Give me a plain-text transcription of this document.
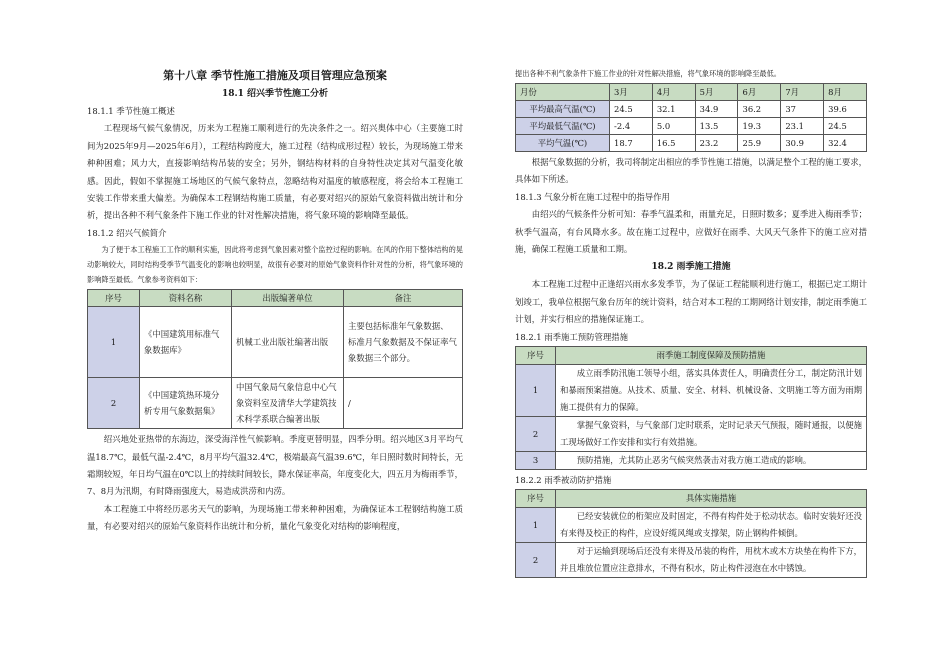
第十八章 季节性施工措施及项目管理应急预案
18.1 绍兴季节性施工分析

18.1.1 季节性施工概述

工程现场气候气象情况，历来为工程施工顺利进行的先决条件之一。绍兴奥体中心（主要施工时间为2025年9月—2025年6月），工程结构跨度大，施工过程（结构成形过程）较长，为现场施工带来种种困难；风力大，直接影响结构吊装的安全；另外，钢结构材料的自身特性决定其对气温变化敏感。因此，假如不掌握施工场地区的气候气象特点，忽略结构对温度的敏感程度，将会给本工程施工安装工作带来重大偏差。为确保本工程钢结构施工质量，有必要对绍兴的原始气象资料做出统计和分析，提出各种不利气象条件下施工作业的针对性解决措施，将气象环境的影响降至最低。

18.1.2 绍兴气候简介

为了便于本工程施工工作的顺利实施，因此将考虑到气象因素对整个监控过程的影响。在风的作用下整体结构的晃动影响较大，同时结构受季节气温变化的影响也较明显，故很有必要对的原始气象资料作针对性的分析，将气象环境的影响降至最低。气象参考资料如下：

序号	资料名称	出版编著单位	备注
1	《中国建筑用标准气象数据库》	机械工业出版社编著出版	主要包括标准年气象数据、 标准月气象数据及不保证率气象数据三个部分。
2	《中国建筑热环境分析专用气象数据集》	中国气象局气象信息中心气象资料室及清华大学建筑技术科学系联合编著出版	/

绍兴地处亚热带的东海边，深受海洋性气候影响。季度更替明显，四季分明。绍兴地区3月平均气温18.7℃，最低气温-2.4℃，8月平均气温32.4℃，极端最高气温39.6℃，年日照时数时间特长，无霜期较短，年日均气温在0℃以上的持续时间较长，降水保证率高，年度变化大，四五月为梅雨季节，7、8月为汛期，有时降雨强度大，易造成洪涝和内涝。

本工程施工中将经历恶劣天气的影响，为现场施工带来种种困难，为确保证本工程钢结构施工质量，有必要对绍兴的原始气象资料作出统计和分析，量化气象变化对结构的影响程度，

提出各种不利气象条件下施工作业的针对性解决措施，将气象环境的影响降至最低。

月份	3月	4月	5月	6月	7月	8月
平均最高气温(℃)	24.5	32.1	34.9	36.2	37	39.6
平均最低气温(℃)	-2.4	5.0	13.5	19.3	23.1	24.5
平均气温(℃)	18.7	16.5	23.2	25.9	30.9	32.4

根据气象数据的分析，我司将制定出相应的季节性施工措施，以满足整个工程的施工要求，具体如下所述。

18.1.3 气象分析在施工过程中的指导作用

由绍兴的气候条件分析可知：春季气温柔和，雨量充足，日照时数多；夏季进入梅雨季节；秋季气温高，有台风降水多。故在施工过程中，应做好在雨季、大风天气条件下的施工应对措施，确保工程施工质量和工期。

18.2 雨季施工措施

本工程施工过程中正逢绍兴雨水多发季节，为了保证工程能顺利进行施工，根据已定工期计划竣工，我单位根据气象台历年的统计资料，结合对本工程的工期网络计划安排，制定雨季施工计划，并实行相应的措施保证施工。

18.2.1 雨季施工预防管理措施

序号	雨季施工制度保障及预防措施
1	成立雨季防汛施工领导小组，落实具体责任人，明确责任分工，制定防汛计划和暴雨预案措施。从技术、质量、安全、材料、机械设备、文明施工等方面为雨期施工提供有力的保障。
2	掌握气象资料，与气象部门定时联系，定时记录天气预报，随时通报，以便施工现场做好工作安排和实行有效措施。
3	预防措施，尤其防止恶劣气候突然袭击对我方施工造成的影响。

18.2.2 雨季被动防护措施

序号	具体实施措施
1	已经安装就位的桁架应及时固定，不得有构件处于松动状态。临时安装好还没有来得及校正的构件，应设好缆风绳或支撑架，防止钢构件倾倒。
2	对于运输到现场后还没有来得及吊装的构件，用枕木或木方块垫在构件下方，并且堆放位置应注意排水，不得有积水，防止构件浸泡在水中锈蚀。
